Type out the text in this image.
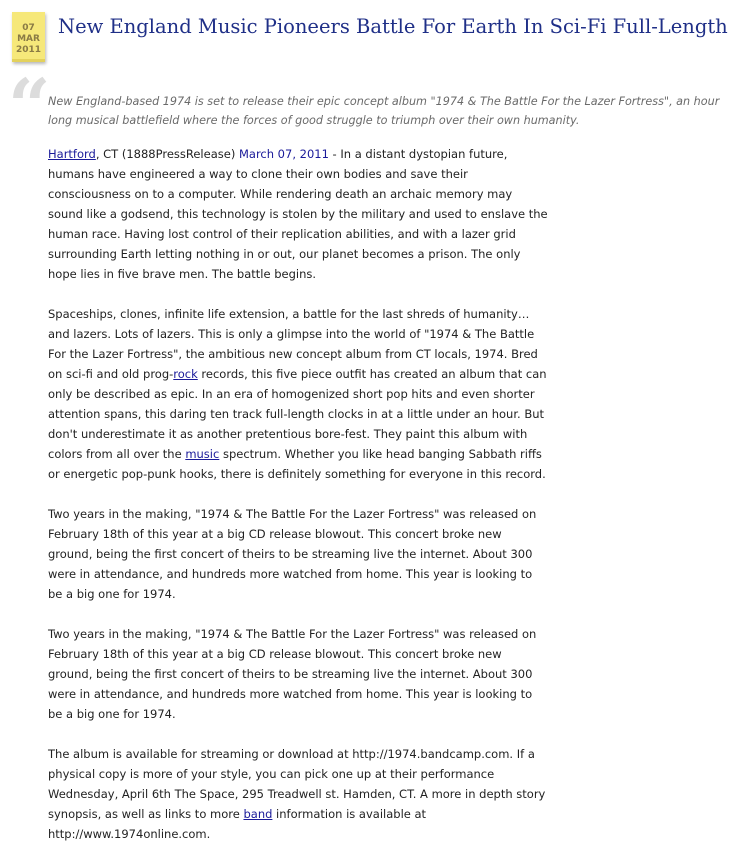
07
MAR
2011
New England Music Pioneers Battle For Earth In Sci-Fi Full-Length
“

New England-based 1974 is set to release their epic concept album "1974 & The Battle For the Lazer Fortress", an hour long musical battlefield where the forces of good struggle to triumph over their own humanity.

Hartford, CT (1888PressRelease) March 07, 2011 - In a distant dystopian future, humans have engineered a way to clone their own bodies and save their consciousness on to a computer. While rendering death an archaic memory may sound like a godsend, this technology is stolen by the military and used to enslave the human race. Having lost control of their replication abilities, and with a lazer grid surrounding Earth letting nothing in or out, our planet becomes a prison. The only hope lies in five brave men. The battle begins.

Spaceships, clones, infinite life extension, a battle for the last shreds of humanity…and lazers. Lots of lazers. This is only a glimpse into the world of "1974 & The Battle For the Lazer Fortress", the ambitious new concept album from CT locals, 1974. Bred on sci-fi and old prog-rock records, this five piece outfit has created an album that can only be described as epic. In an era of homogenized short pop hits and even shorter attention spans, this daring ten track full-length clocks in at a little under an hour. But don't underestimate it as another pretentious bore-fest. They paint this album with colors from all over the music spectrum. Whether you like head banging Sabbath riffs or energetic pop-punk hooks, there is definitely something for everyone in this record.

Two years in the making, "1974 & The Battle For the Lazer Fortress" was released on February 18th of this year at a big CD release blowout. This concert broke new ground, being the first concert of theirs to be streaming live the internet. About 300 were in attendance, and hundreds more watched from home. This year is looking to be a big one for 1974.

Two years in the making, "1974 & The Battle For the Lazer Fortress" was released on February 18th of this year at a big CD release blowout. This concert broke new ground, being the first concert of theirs to be streaming live the internet. About 300 were in attendance, and hundreds more watched from home. This year is looking to be a big one for 1974.

The album is available for streaming or download at http://1974.bandcamp.com. If a physical copy is more of your style, you can pick one up at their performance Wednesday, April 6th The Space, 295 Treadwell st. Hamden, CT. A more in depth story synopsis, as well as links to more band information is available at http://www.1974online.com.
